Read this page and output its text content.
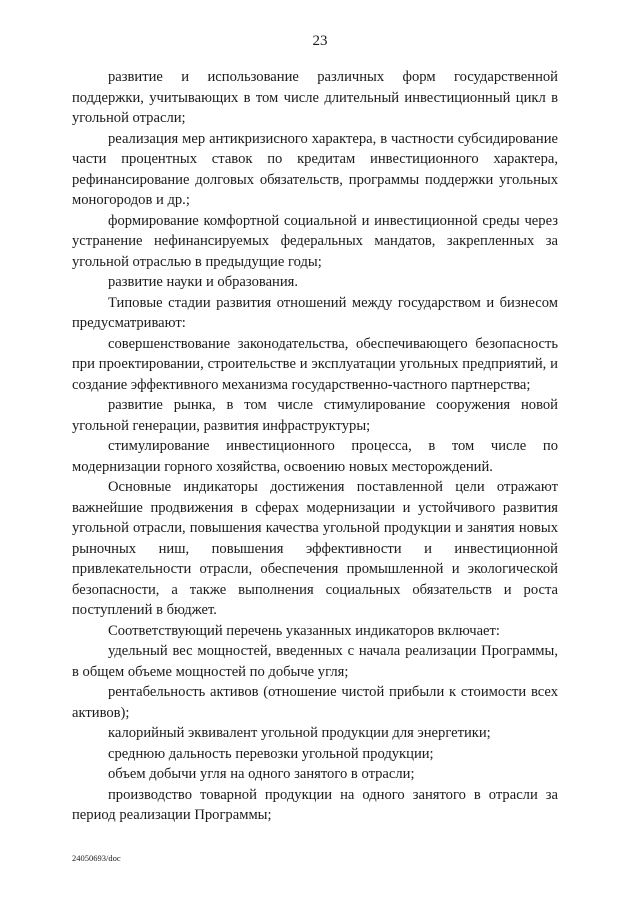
23

развитие и использование различных форм государственной поддержки, учитывающих в том числе длительный инвестиционный цикл в угольной отрасли;

реализация мер антикризисного характера, в частности субсидирование части процентных ставок по кредитам инвестиционного характера, рефинансирование долговых обязательств, программы поддержки угольных моногородов и др.;

формирование комфортной социальной и инвестиционной среды через устранение нефинансируемых федеральных мандатов, закрепленных за угольной отраслью в предыдущие годы;

развитие науки и образования.

Типовые стадии развития отношений между государством и бизнесом предусматривают:

совершенствование законодательства, обеспечивающего безопасность при проектировании, строительстве и эксплуатации угольных предприятий, и создание эффективного механизма государственно-частного партнерства;

развитие рынка, в том числе стимулирование сооружения новой угольной генерации, развития инфраструктуры;

стимулирование инвестиционного процесса, в том числе по модернизации горного хозяйства, освоению новых месторождений.

Основные индикаторы достижения поставленной цели отражают важнейшие продвижения в сферах модернизации и устойчивого развития угольной отрасли, повышения качества угольной продукции и занятия новых рыночных ниш, повышения эффективности и инвестиционной привлекательности отрасли, обеспечения промышленной и экологической безопасности, а также выполнения социальных обязательств и роста поступлений в бюджет.

Соответствующий перечень указанных индикаторов включает:

удельный вес мощностей, введенных с начала реализации Программы, в общем объеме мощностей по добыче угля;

рентабельность активов (отношение чистой прибыли к стоимости всех активов);

калорийный эквивалент угольной продукции для энергетики;

среднюю дальность перевозки угольной продукции;

объем добычи угля на одного занятого в отрасли;

производство товарной продукции на одного занятого в отрасли за период реализации Программы;

24050693/doc
